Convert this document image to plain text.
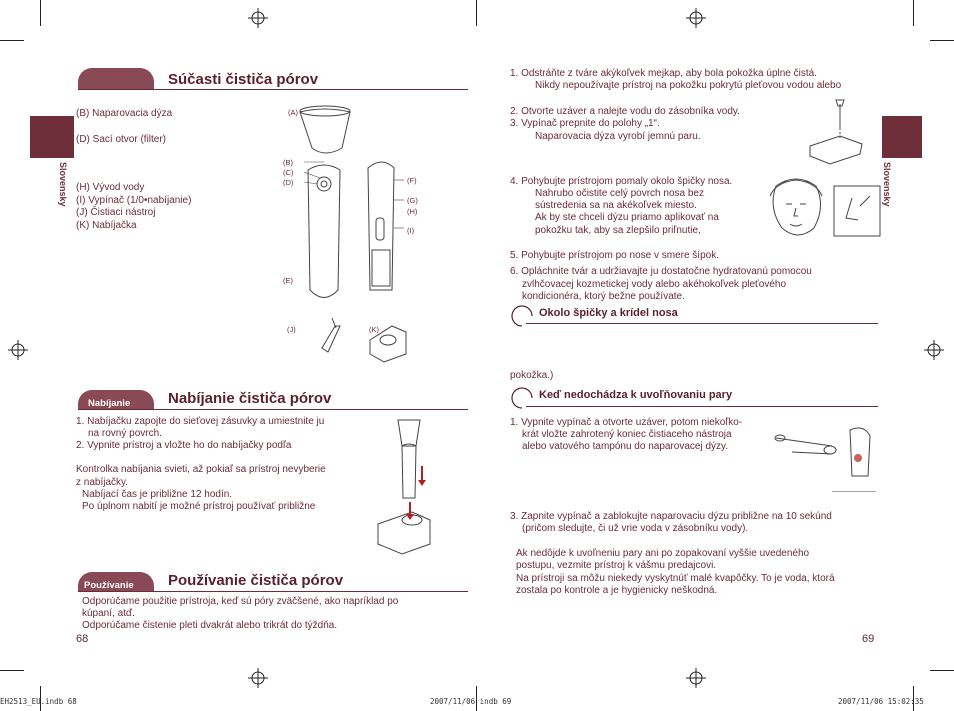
Slovensky
Súčasti čističa pórov
(B) Naparovacia dýza
(D) Sací otvor (filter)
(H) Vývod vody
(I) Vypínač (1/0•nabíjanie)
(J) Čistiaci nástroj
(K) Nabíjačka
(A)
(B)
(C)
(D)
(E)
(F)
(G)
(H)
(I)
(J)	(K)
Nabíjanie	Nabíjanie čističa pórov
1. Nabíjačku zapojte do sieťovej zásuvky a umiestnite ju
na rovný povrch.
2. Vypnite prístroj a vložte ho do nabíjačky podľa
Kontrolka nabíjania svieti, až pokiaľ sa prístroj nevyberie
z nabíjačky.
Nabíjací čas je približne 12 hodín.
Po úplnom nabití je možné prístroj používať približne
Používanie Používanie čističa pórov
Odporúčame použitie prístroja, keď sú póry zväčšené, ako napríklad po
kúpaní, atď.
Odporúčame čistenie pleti dvakrát alebo trikrát do týždňa.
68
Slovensky
1. Odstráňte z tváre akýkoľvek mejkap, aby bola pokožka úplne čistá.
Nikdy nepoužívajte prístroj na pokožku pokrytú pleťovou vodou alebo
2. Otvorte uzáver a nalejte vodu do zásobníka vody.
3. Vypínač prepnite do polohy „1“.
Naparovacia dýza vyrobí jemnú paru.
4. Pohybujte prístrojom pomaly okolo špičky nosa.
Nahrubo očistite celý povrch nosa bez
sústredenia sa na akékoľvek miesto.
Ak by ste chceli dýzu priamo aplikovať na
pokožku tak, aby sa zlepšilo priľnutie,
5. Pohybujte prístrojom po nose v smere šípok.
6. Opláchnite tvár a udržiavajte ju dostatočne hydratovanú pomocou
zvlhčovacej kozmetickej vody alebo akéhokoľvek pleťového
kondicionéra, ktorý bežne používate.
Okolo špičky a krídel nosa
pokožka.)
Keď nedochádza k uvoľňovaniu pary
1. Vypnite vypínač a otvorte uzáver, potom niekoľko-
krát vložte zahrotený koniec čistiaceho nástroja
alebo vatového tampónu do naparovacej dýzy.
3. Zapnite vypínač a zablokujte naparovaciu dýzu približne na 10 sekúnd
(pričom sledujte, či už vrie voda v zásobníku vody).
Ak nedôjde k uvoľneniu pary ani po zopakovaní vyššie uvedeného
postupu, vezmite prístroj k vášmu predajcovi.
Na prístroji sa môžu niekedy vyskytnúť malé kvapôčky. To je voda, ktorá
zostala po kontrole a je hygienicky neškodná.
69
EH2513_EU.indb 68	2007/11/06 indb 69	2007/11/06 15:02:35
